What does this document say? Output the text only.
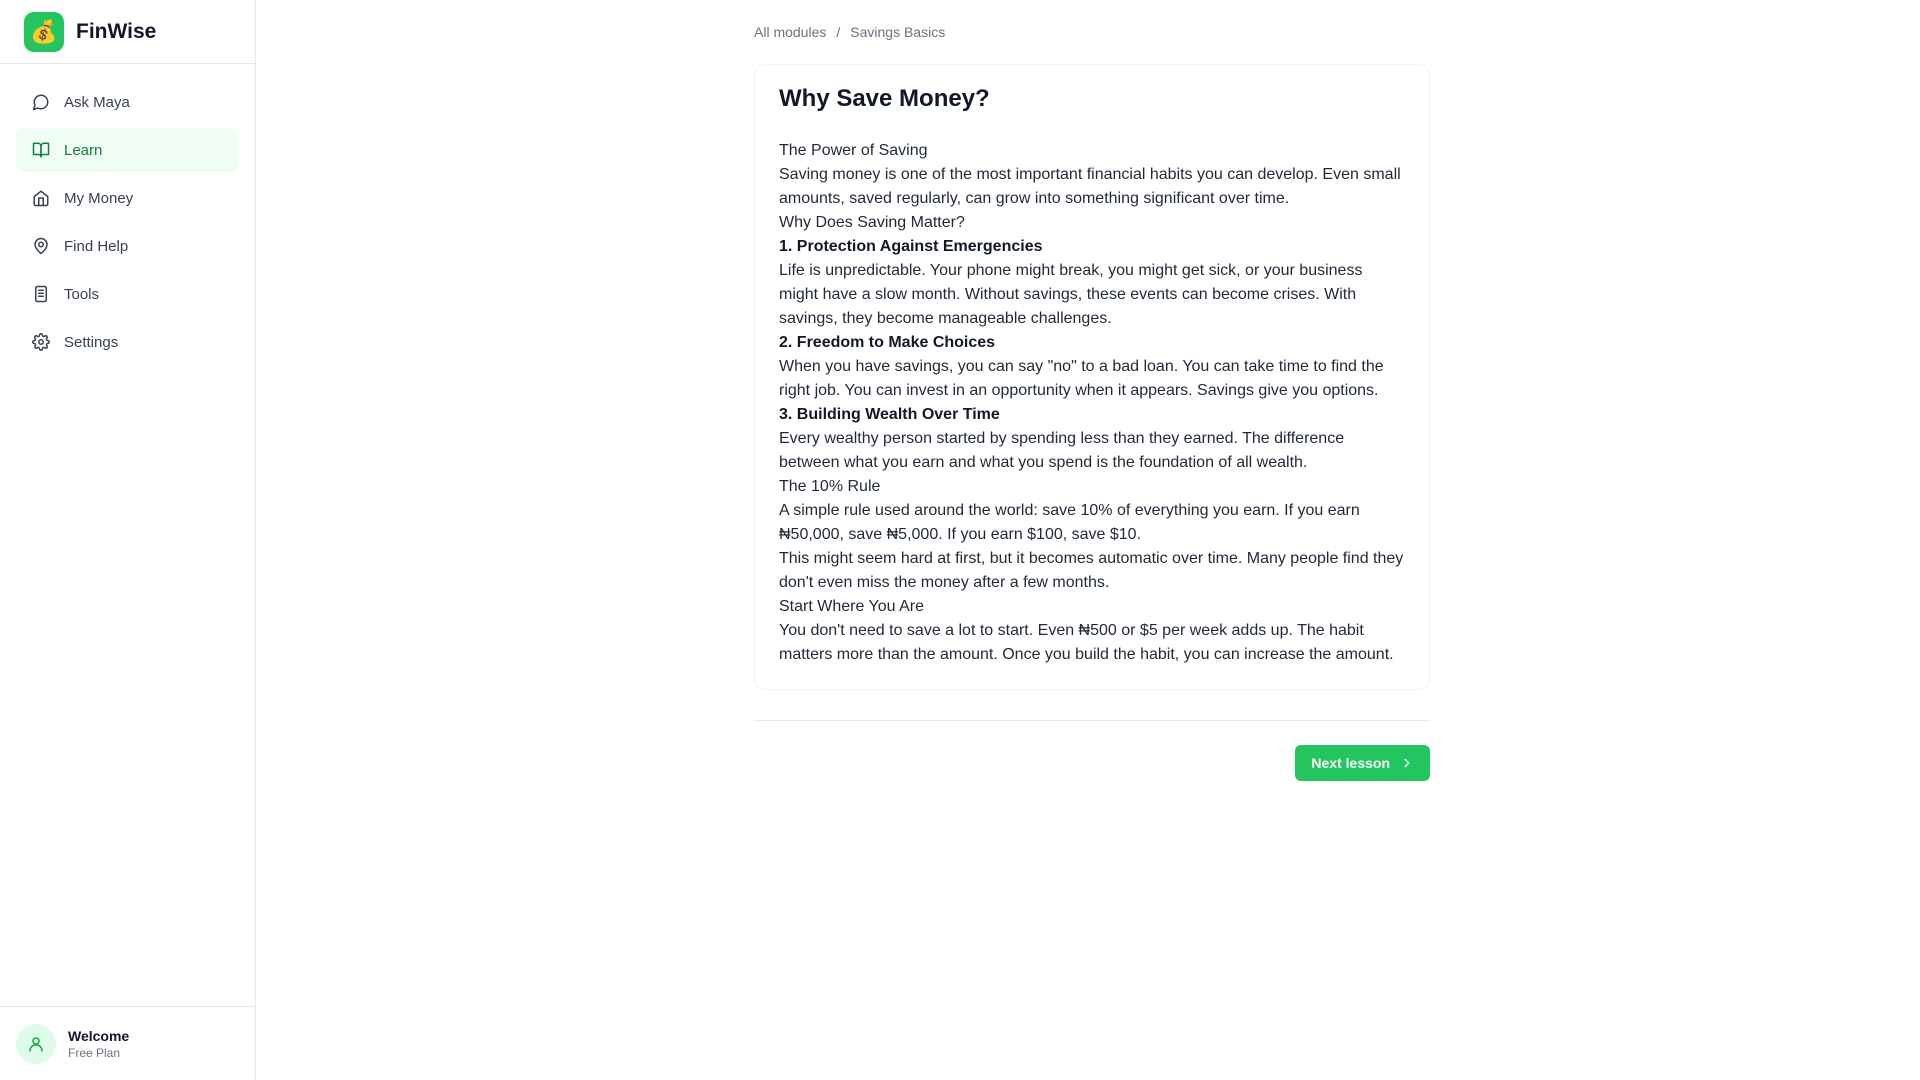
💰 FinWise
Ask Maya
Learn
My Money
Find Help
Tools
Settings
Welcome
Free Plan
All modules / Savings Basics
Why Save Money?

The Power of Saving

Saving money is one of the most important financial habits you can develop. Even small amounts, saved regularly, can grow into something significant over time.

Why Does Saving Matter?

1. Protection Against Emergencies

Life is unpredictable. Your phone might break, you might get sick, or your business might have a slow month. Without savings, these events can become crises. With savings, they become manageable challenges.

2. Freedom to Make Choices

When you have savings, you can say "no" to a bad loan. You can take time to find the right job. You can invest in an opportunity when it appears. Savings give you options.

3. Building Wealth Over Time

Every wealthy person started by spending less than they earned. The difference between what you earn and what you spend is the foundation of all wealth.

The 10% Rule

A simple rule used around the world: save 10% of everything you earn. If you earn ₦50,000, save ₦5,000. If you earn $100, save $10.

This might seem hard at first, but it becomes automatic over time. Many people find they don't even miss the money after a few months.

Start Where You Are

You don't need to save a lot to start. Even ₦500 or $5 per week adds up. The habit matters more than the amount. Once you build the habit, you can increase the amount.

Next lesson
